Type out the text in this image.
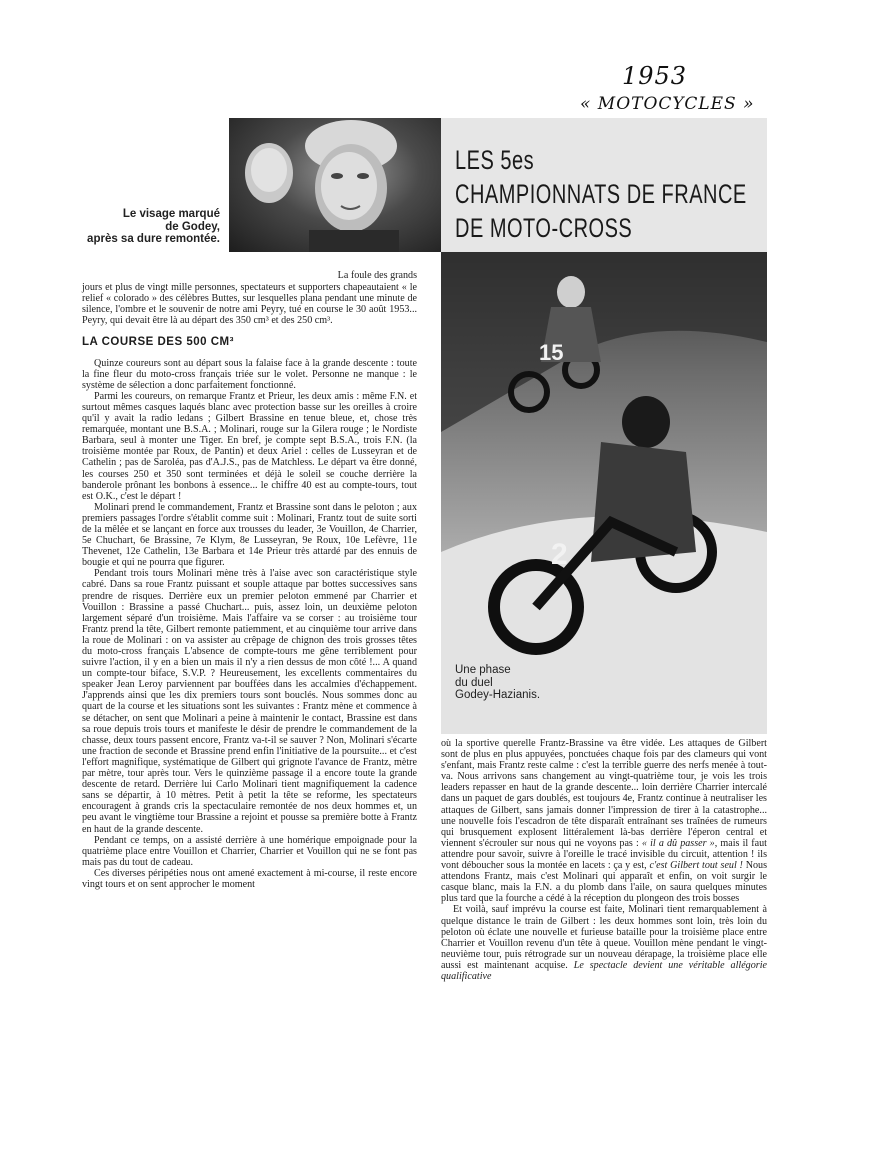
1953
« MOTOCYCLES »
Le visage marqué
de Godey,
après sa dure remontée.
LES 5es
CHAMPIONNATS DE FRANCE
DE MOTO-CROSS
15
2
Une phase
du duel
Godey-Hazianis.
La foule des grands

jours et plus de vingt mille personnes, spectateurs et supporters chapeautaient « le relief « colorado » des célèbres Buttes, sur lesquelles plana pendant une minute de silence, l'ombre et le souvenir de notre ami Peyry, tué en course le 30 août 1953... Peyry, qui devait être là au départ des 350 cm³ et des 250 cm³.

LA COURSE DES 500 CM³

Quinze coureurs sont au départ sous la falaise face à la grande descente : toute la fine fleur du moto-cross français triée sur le volet. Personne ne manque : le système de sélection a donc parfaitement fonctionné.

Parmi les coureurs, on remarque Frantz et Prieur, les deux amis : même F.N. et surtout mêmes casques laqués blanc avec protection basse sur les oreilles à croire qu'il y avait la radio ledans ; Gilbert Brassine en tenue bleue, et, chose très remarquée, montant une B.S.A. ; Molinari, rouge sur la Gilera rouge ; le Nordiste Barbara, seul à monter une Tiger. En bref, je compte sept B.S.A., trois F.N. (la troisième montée par Roux, de Pantin) et deux Ariel : celles de Lusseyran et de Cathelin ; pas de Saroléa, pas d'A.J.S., pas de Matchless. Le départ va être donné, les courses 250 et 350 sont terminées et déjà le soleil se couche derrière la banderole prônant les bonbons à essence... le chiffre 40 est au compte-tours, tout est O.K., c'est le départ !

Molinari prend le commandement, Frantz et Brassine sont dans le peloton ; aux premiers passages l'ordre s'établit comme suit : Molinari, Frantz tout de suite sorti de la mêlée et se lançant en force aux trousses du leader, 3e Vouillon, 4e Charrier, 5e Chuchart, 6e Brassine, 7e Klym, 8e Lusseyran, 9e Roux, 10e Lefèvre, 11e Thevenet, 12e Cathelin, 13e Barbara et 14e Prieur très attardé par des ennuis de bougie et qui ne pourra que figurer.

Pendant trois tours Molinari mène très à l'aise avec son caractéristique style cabré. Dans sa roue Frantz puissant et souple attaque par bottes successives sans prendre de risques. Derrière eux un premier peloton emmené par Charrier et Vouillon : Brassine a passé Chuchart... puis, assez loin, un deuxième peloton largement séparé d'un troisième. Mais l'affaire va se corser : au troisième tour Frantz prend la tête, Gilbert remonte patiemment, et au cinquième tour arrive dans la roue de Molinari : on va assister au crêpage de chignon des trois grosses têtes du moto-cross français L'absence de compte-tours me gêne terriblement pour suivre l'action, il y en a bien un mais il n'y a rien dessus de mon côté !... A quand un compte-tour biface, S.V.P. ? Heureusement, les excellents commentaires du speaker Jean Leroy parviennent par bouffées dans les accalmies d'échappement. J'apprends ainsi que les dix premiers tours sont bouclés. Nous sommes donc au quart de la course et les situations sont les suivantes : Frantz mène et commence à se détacher, on sent que Molinari a peine à maintenir le contact, Brassine est dans sa roue depuis trois tours et manifeste le désir de prendre le commandement de la chasse, deux tours passent encore, Frantz va-t-il se sauver ? Non, Molinari s'écarte une fraction de seconde et Brassine prend enfin l'initiative de la poursuite... et c'est l'effort magnifique, systématique de Gilbert qui grignote l'avance de Frantz, mètre par mètre, tour après tour. Vers le quinzième passage il a encore toute la grande descente de retard. Derrière lui Carlo Molinari tient magnifiquement la cadence sans se départir, à 10 mètres. Petit à petit la tête se reforme, les spectateurs encouragent à grands cris la spectaculaire remontée de nos deux hommes et, un peu avant le vingtième tour Brassine a rejoint et pousse sa première botte à Frantz en haut de la grande descente.

Pendant ce temps, on a assisté derrière à une homérique empoignade pour la quatrième place entre Vouillon et Charrier, Charrier et Vouillon qui ne se font pas mais pas du tout de cadeau.

Ces diverses péripéties nous ont amené exactement à mi-course, il reste encore vingt tours et on sent approcher le moment

où la sportive querelle Frantz-Brassine va être vidée. Les attaques de Gilbert sont de plus en plus appuyées, ponctuées chaque fois par des clameurs qui vont s'enfant, mais Frantz reste calme : c'est la terrible guerre des nerfs menée à tout-va. Nous arrivons sans changement au vingt-quatrième tour, je vois les trois leaders repasser en haut de la grande descente... loin derrière Charrier intercalé dans un paquet de gars doublés, est toujours 4e, Frantz continue à neutraliser les attaques de Gilbert, sans jamais donner l'impression de tirer à la catastrophe... une nouvelle fois l'escadron de tête disparaît entraînant ses traînées de rumeurs qui brusquement explosent littéralement là-bas derrière l'éperon central et viennent s'écrouler sur nous qui ne voyons pas : « il a dû passer », mais il faut attendre pour savoir, suivre à l'oreille le tracé invisible du circuit, attention ! ils vont déboucher sous la montée en lacets : ça y est, c'est Gilbert tout seul ! Nous attendons Frantz, mais c'est Molinari qui apparaît et enfin, on voit surgir le casque blanc, mais la F.N. a du plomb dans l'aile, on saura quelques minutes plus tard que la fourche a cédé à la réception du plongeon des trois bosses

Et voilà, sauf imprévu la course est faite, Molinari tient remarquablement à quelque distance le train de Gilbert : les deux hommes sont loin, très loin du peloton où éclate une nouvelle et furieuse bataille pour la troisième place entre Charrier et Vouillon revenu d'un tête à queue. Vouillon mène pendant le vingt-neuvième tour, puis rétrograde sur un nouveau dérapage, la troisième place elle aussi est maintenant acquise. Le spectacle devient une véritable allégorie qualificative
